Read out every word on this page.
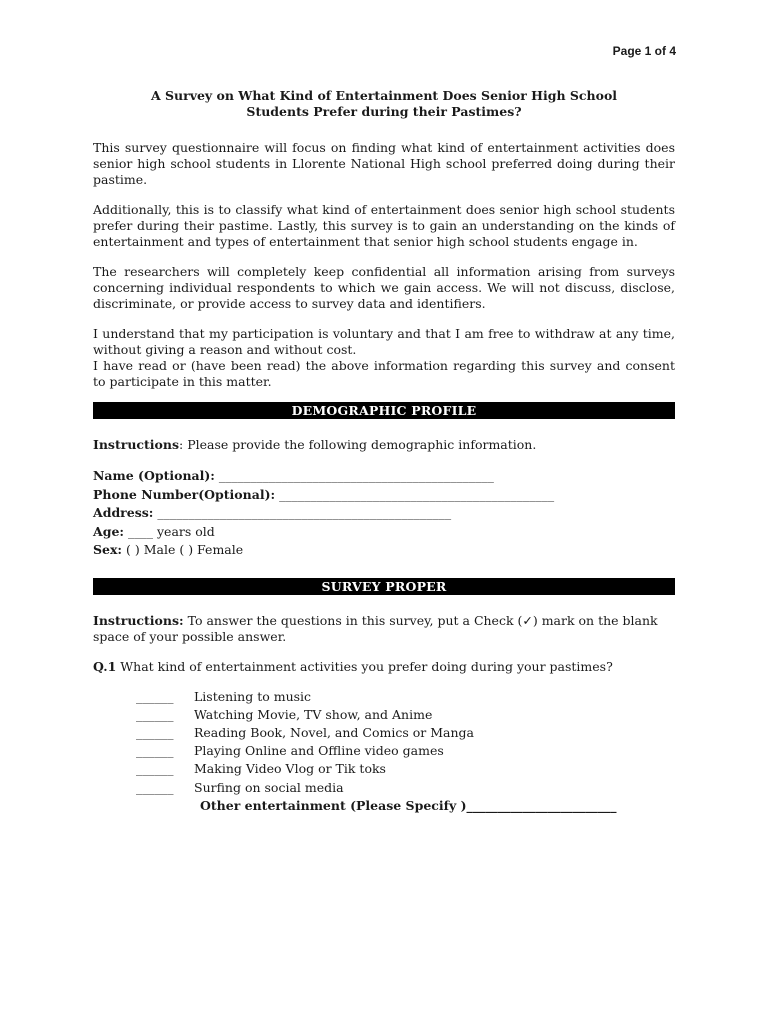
Page 1 of 4
A Survey on What Kind of Entertainment Does Senior High School
Students Prefer during their Pastimes?

This survey questionnaire will focus on finding what kind of entertainment activities does senior high school students in Llorente National High school preferred doing during their pastime.

Additionally, this is to classify what kind of entertainment does senior high school students prefer during their pastime. Lastly, this survey is to gain an understanding on the kinds of entertainment and types of entertainment that senior high school students engage in.

The researchers will completely keep confidential all information arising from surveys concerning individual respondents to which we gain access. We will not discuss, disclose, discriminate, or provide access to survey data and identifiers.

I understand that my participation is voluntary and that I am free to withdraw at any time, without giving a reason and without cost.

I have read or (have been read) the above information regarding this survey and consent to participate in this matter.

DEMOGRAPHIC PROFILE

Instructions: Please provide the following demographic information.

Name (Optional): ____________________________________________
Phone Number(Optional): ____________________________________________
Address: _______________________________________________
Age: ____ years old
Sex: ( ) Male ( ) Female
SURVEY PROPER

Instructions: To answer the questions in this survey, put a Check (✓) mark on the blank space of your possible answer.

Q.1 What kind of entertainment activities you prefer doing during your pastimes?

______ Listening to music
______ Watching Movie, TV show, and Anime
______ Reading Book, Novel, and Comics or Manga
______ Playing Online and Offline video games
______ Making Video Vlog or Tik toks
______ Surfing on social media
Other entertainment (Please Specify )________________________
